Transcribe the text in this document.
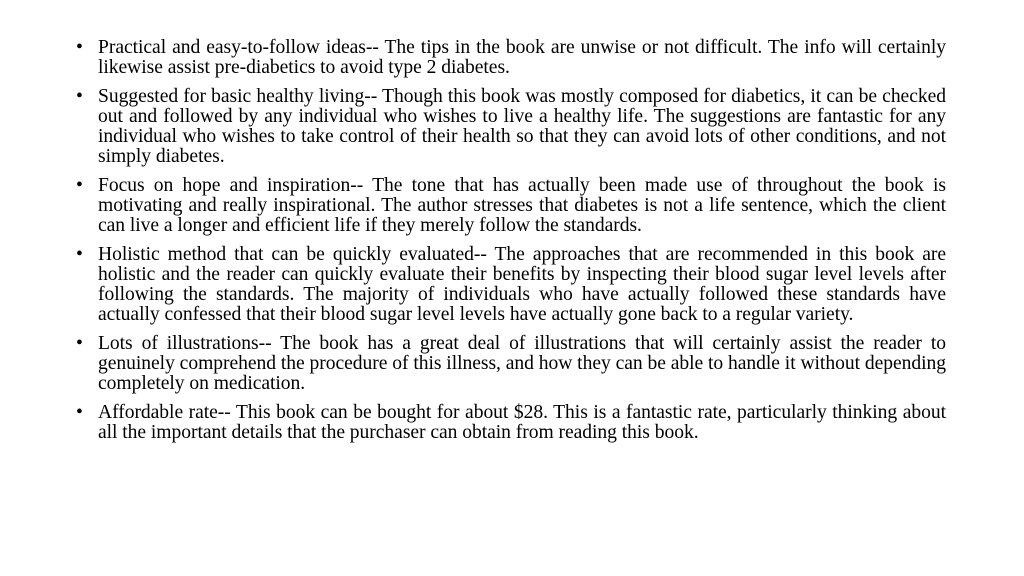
• Practical and easy-to-follow ideas-- The tips in the book are unwise or not difficult. The info will certainly likewise assist pre-diabetics to avoid type 2 diabetes.
• Suggested for basic healthy living-- Though this book was mostly composed for diabetics, it can be checked out and followed by any individual who wishes to live a healthy life. The suggestions are fantastic for any individual who wishes to take control of their health so that they can avoid lots of other conditions, and not simply diabetes.
• Focus on hope and inspiration-- The tone that has actually been made use of throughout the book is motivating and really inspirational. The author stresses that diabetes is not a life sentence, which the client can live a longer and efficient life if they merely follow the standards.
• Holistic method that can be quickly evaluated-- The approaches that are recommended in this book are holistic and the reader can quickly evaluate their benefits by inspecting their blood sugar level levels after following the standards. The majority of individuals who have actually followed these standards have actually confessed that their blood sugar level levels have actually gone back to a regular variety.
• Lots of illustrations-- The book has a great deal of illustrations that will certainly assist the reader to genuinely comprehend the procedure of this illness, and how they can be able to handle it without depending completely on medication.
• Affordable rate-- This book can be bought for about $28. This is a fantastic rate, particularly thinking about all the important details that the purchaser can obtain from reading this book.
